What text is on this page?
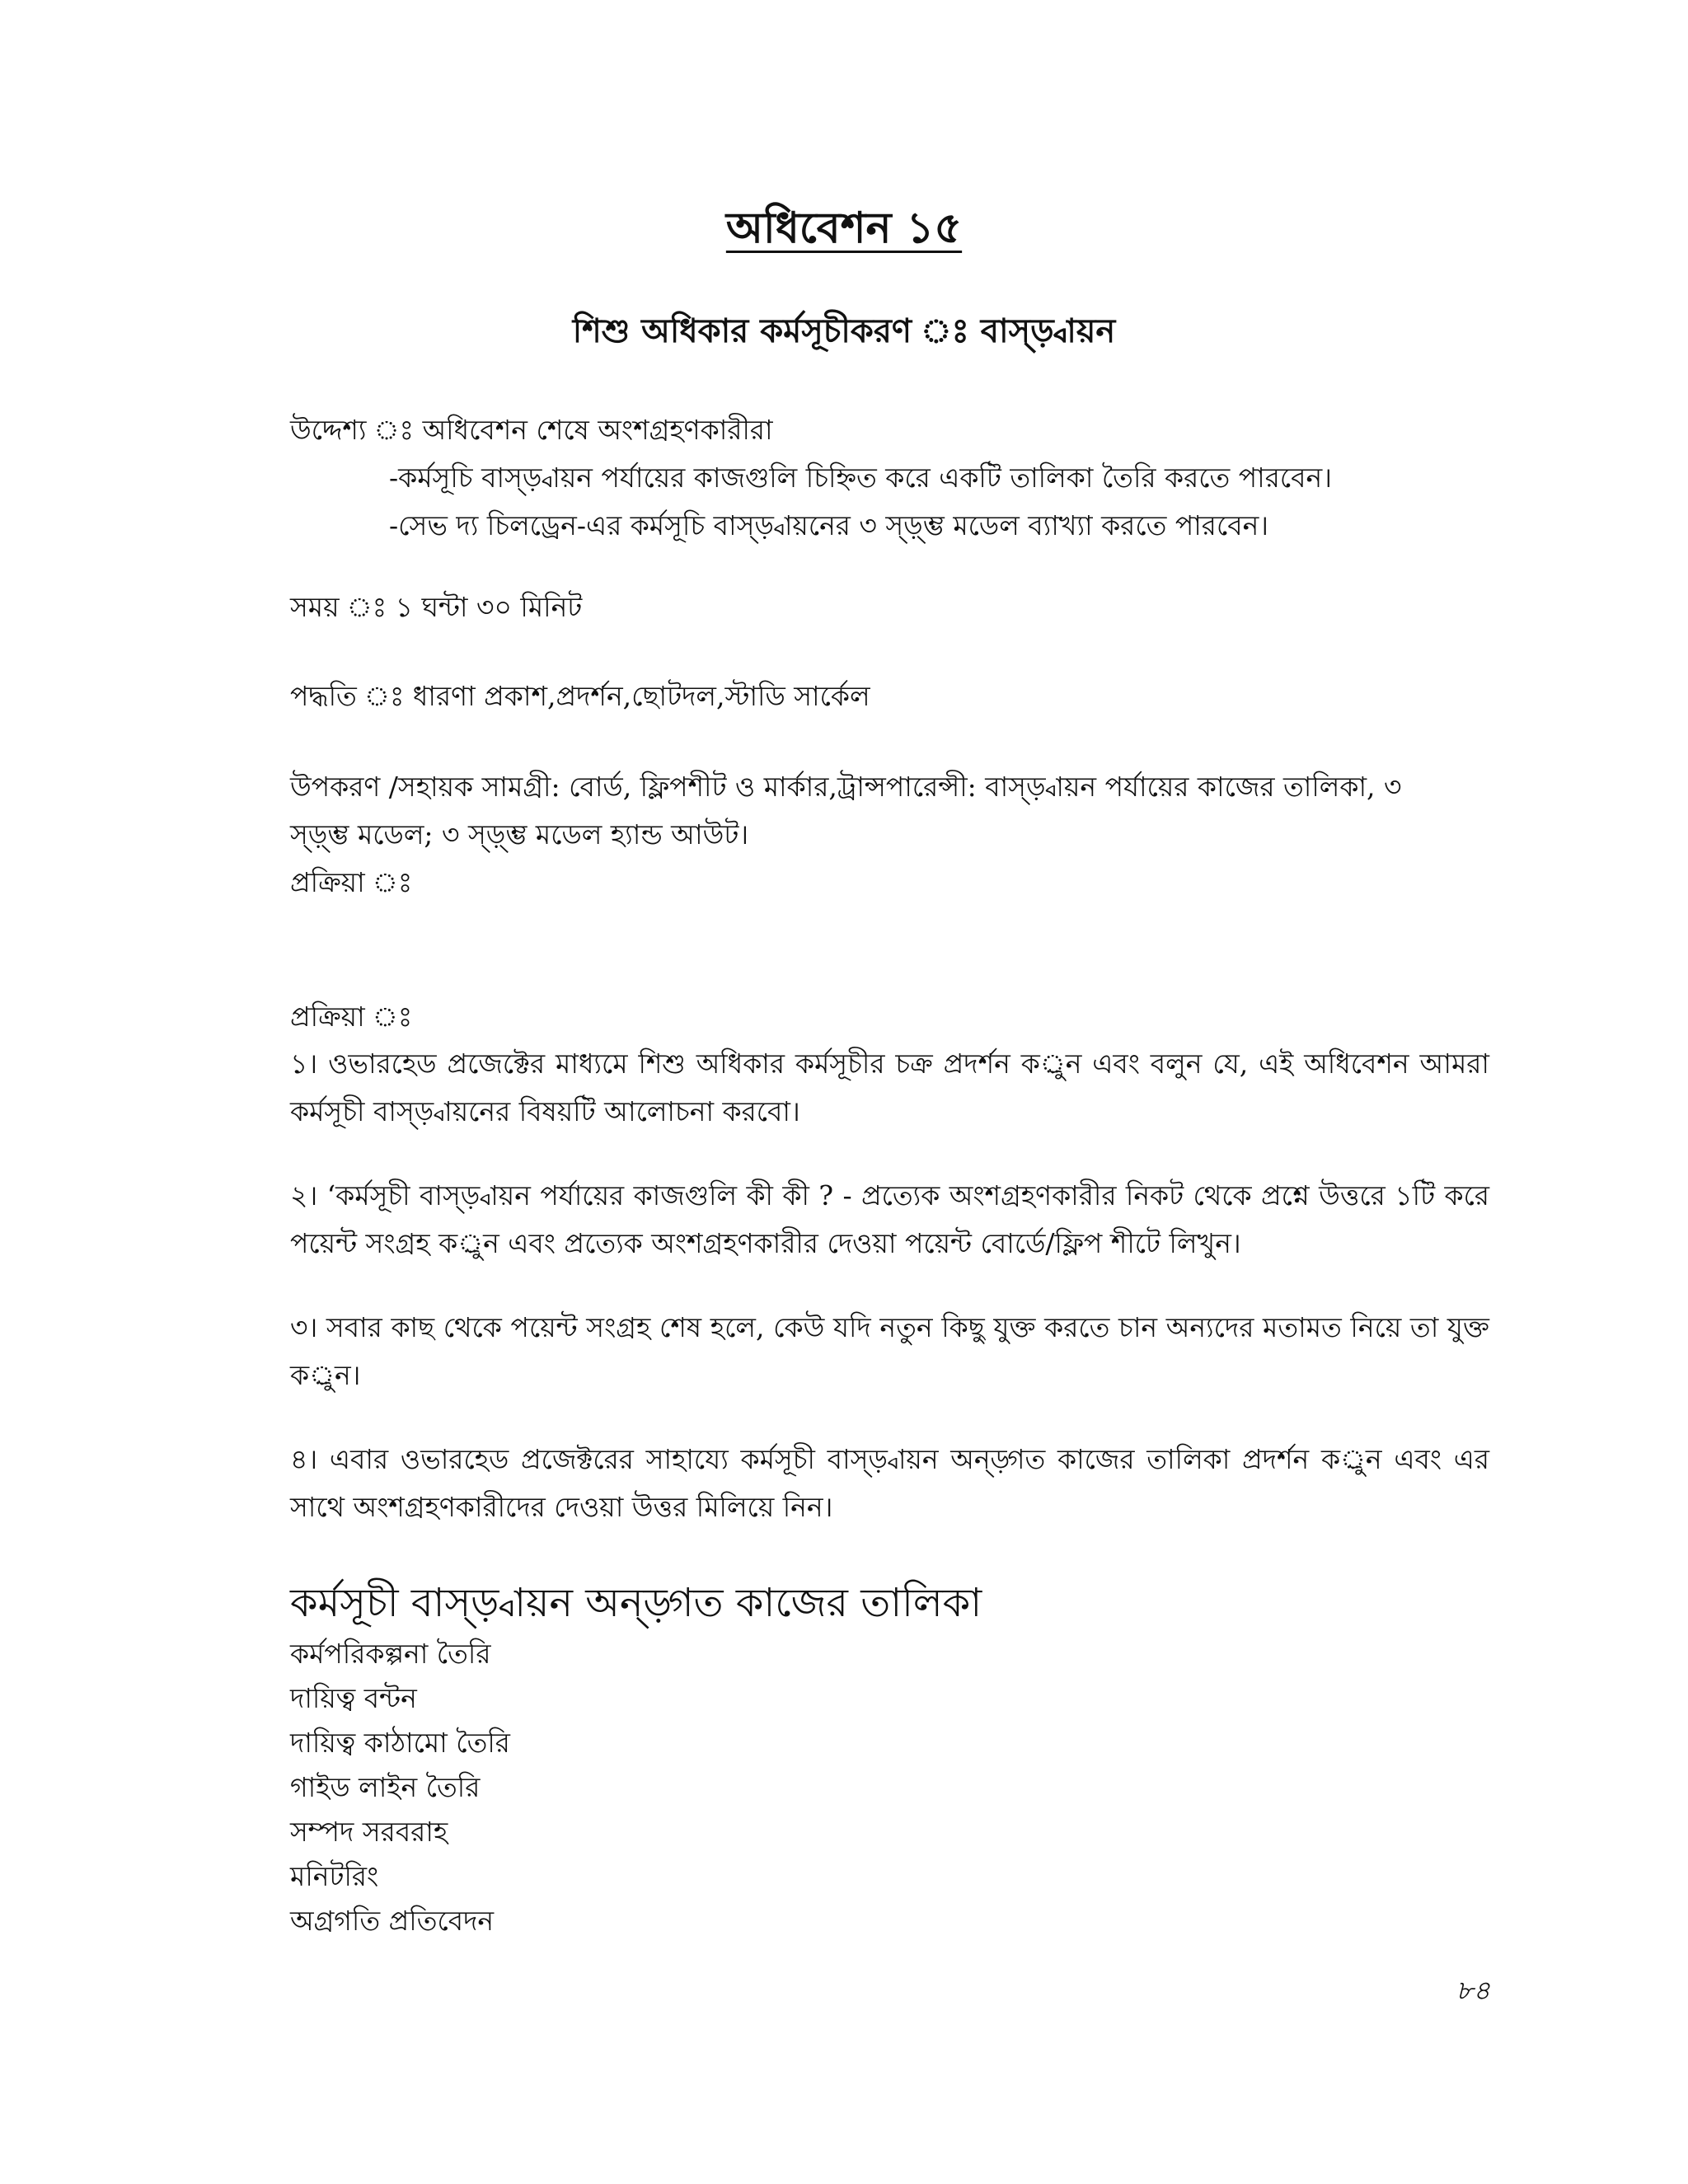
অধিবেশন ১৫
শিশু অধিকার কর্মসূচীকরণ ঃ বাস্ড়্বায়ন
উদ্দেশ্য ঃ অধিবেশন শেষে অংশগ্রহণকারীরা
-কর্মসূচি বাস্ড়্বায়ন পর্যায়ের কাজগুলি চিহ্নিত করে একটি তালিকা তৈরি করতে পারবেন।
-সেভ দ্য চিলড্রেন-এর কর্মসূচি বাস্ড়্বায়নের ৩ স্ড়্ম্ভ মডেল ব্যাখ্যা করতে পারবেন।
সময় ঃ ১ ঘন্টা ৩০ মিনিট
পদ্ধতি ঃ ধারণা প্রকাশ,প্রদর্শন,ছোটদল,স্টাডি সার্কেল
উপকরণ /সহায়ক সামগ্রী: বোর্ড, ফ্লিপশীট ও মার্কার,ট্রান্সপারেন্সী: বাস্ড়্বায়ন পর্যায়ের কাজের তালিকা, ৩
স্ড়্ম্ভ মডেল; ৩ স্ড়্ম্ভ মডেল হ্যান্ড আউট।
প্রক্রিয়া ঃ
প্রক্রিয়া ঃ
১। ওভারহেড প্রজেক্টের মাধ্যমে শিশু অধিকার কর্মসূচীর চক্র প্রদর্শন কর্ুন এবং বলুন যে, এই অধিবেশন আমরা কর্মসূচী বাস্ড়্বায়নের বিষয়টি আলোচনা করবো।
২। ‘কর্মসূচী বাস্ড়্বায়ন পর্যায়ের কাজগুলি কী কী ? - প্রত্যেক অংশগ্রহণকারীর নিকট থেকে প্রশ্নে উত্তরে ১টি করে পয়েন্ট সংগ্রহ কর্ুন এবং প্রত্যেক অংশগ্রহণকারীর দেওয়া পয়েন্ট বোর্ডে/ফ্লিপ শীটে লিখুন।
৩। সবার কাছ থেকে পয়েন্ট সংগ্রহ শেষ হলে, কেউ যদি নতুন কিছু যুক্ত করতে চান অন্যদের মতামত নিয়ে তা যুক্ত কর্ুন।
৪। এবার ওভারহেড প্রজেক্টরের সাহায্যে কর্মসূচী বাস্ড়্বায়ন অন্ড়্গত কাজের তালিকা প্রদর্শন কর্ুন এবং এর সাথে অংশগ্রহণকারীদের দেওয়া উত্তর মিলিয়ে নিন।
কর্মসূচী বাস্ড়্বায়ন অন্ড়্গত কাজের তালিকা
কর্মপরিকল্পনা তৈরি
দায়িত্ব বন্টন
দায়িত্ব কাঠামো তৈরি
গাইড লাইন তৈরি
সম্পদ সরবরাহ
মনিটরিং
অগ্রগতি প্রতিবেদন
৮৪
